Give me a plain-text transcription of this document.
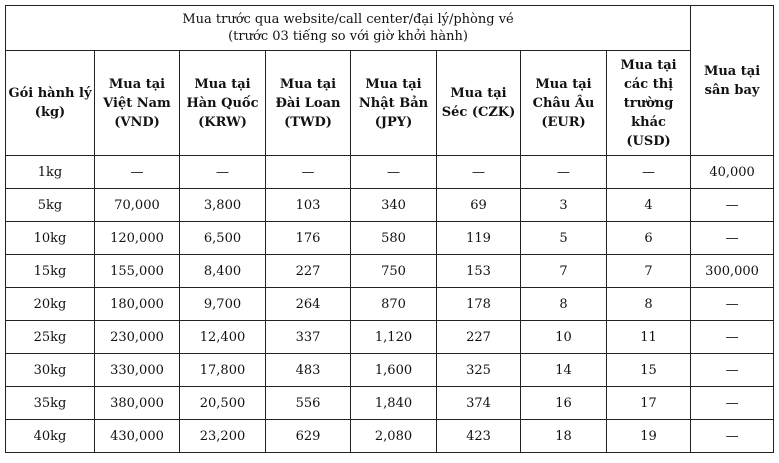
Mua trước qua website/call center/đại lý/phòng vé
(trước 03 tiếng so với giờ khởi hành)								Mua tại sân bay
Gói hành lý (kg)	Mua tại Việt Nam (VND)	Mua tại Hàn Quốc (KRW)	Mua tại Đài Loan (TWD)	Mua tại Nhật Bản (JPY)	Mua tại Séc (CZK)	Mua tại Châu Âu (EUR)	Mua tại các thị trường khác (USD)	
1kg	—	—	—	—	—	—	—	40,000
5kg	70,000	3,800	103	340	69	3	4	—
10kg	120,000	6,500	176	580	119	5	6	—
15kg	155,000	8,400	227	750	153	7	7	300,000
20kg	180,000	9,700	264	870	178	8	8	—
25kg	230,000	12,400	337	1,120	227	10	11	—
30kg	330,000	17,800	483	1,600	325	14	15	—
35kg	380,000	20,500	556	1,840	374	16	17	—
40kg	430,000	23,200	629	2,080	423	18	19	—
